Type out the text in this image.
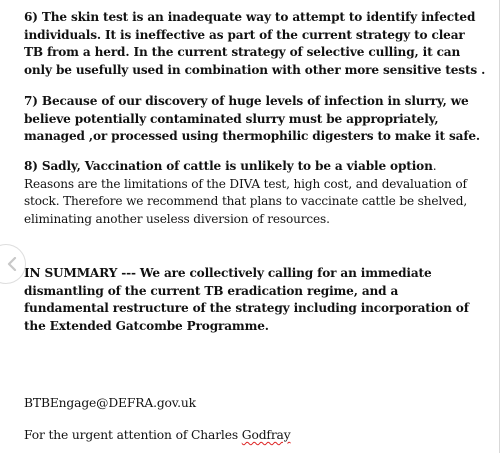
6) The skin test is an inadequate way to attempt to identify infected individuals. It is ineffective as part of the current strategy to clear TB from a herd. In the current strategy of selective culling, it can only be usefully used in combination with other more sensitive tests .

7) Because of our discovery of huge levels of infection in slurry, we believe potentially contaminated slurry must be appropriately, managed ,or processed using thermophilic digesters to make it safe.

8) Sadly, Vaccination of cattle is unlikely to be a viable option. Reasons are the limitations of the DIVA test, high cost, and devaluation of stock. Therefore we recommend that plans to vaccinate cattle be shelved, eliminating another useless diversion of resources.

IN SUMMARY --- We are collectively calling for an immediate dismantling of the current TB eradication regime, and a fundamental restructure of the strategy including incorporation of the Extended Gatcombe Programme.

BTBEngage@DEFRA.gov.uk

For the urgent attention of Charles Godfray
